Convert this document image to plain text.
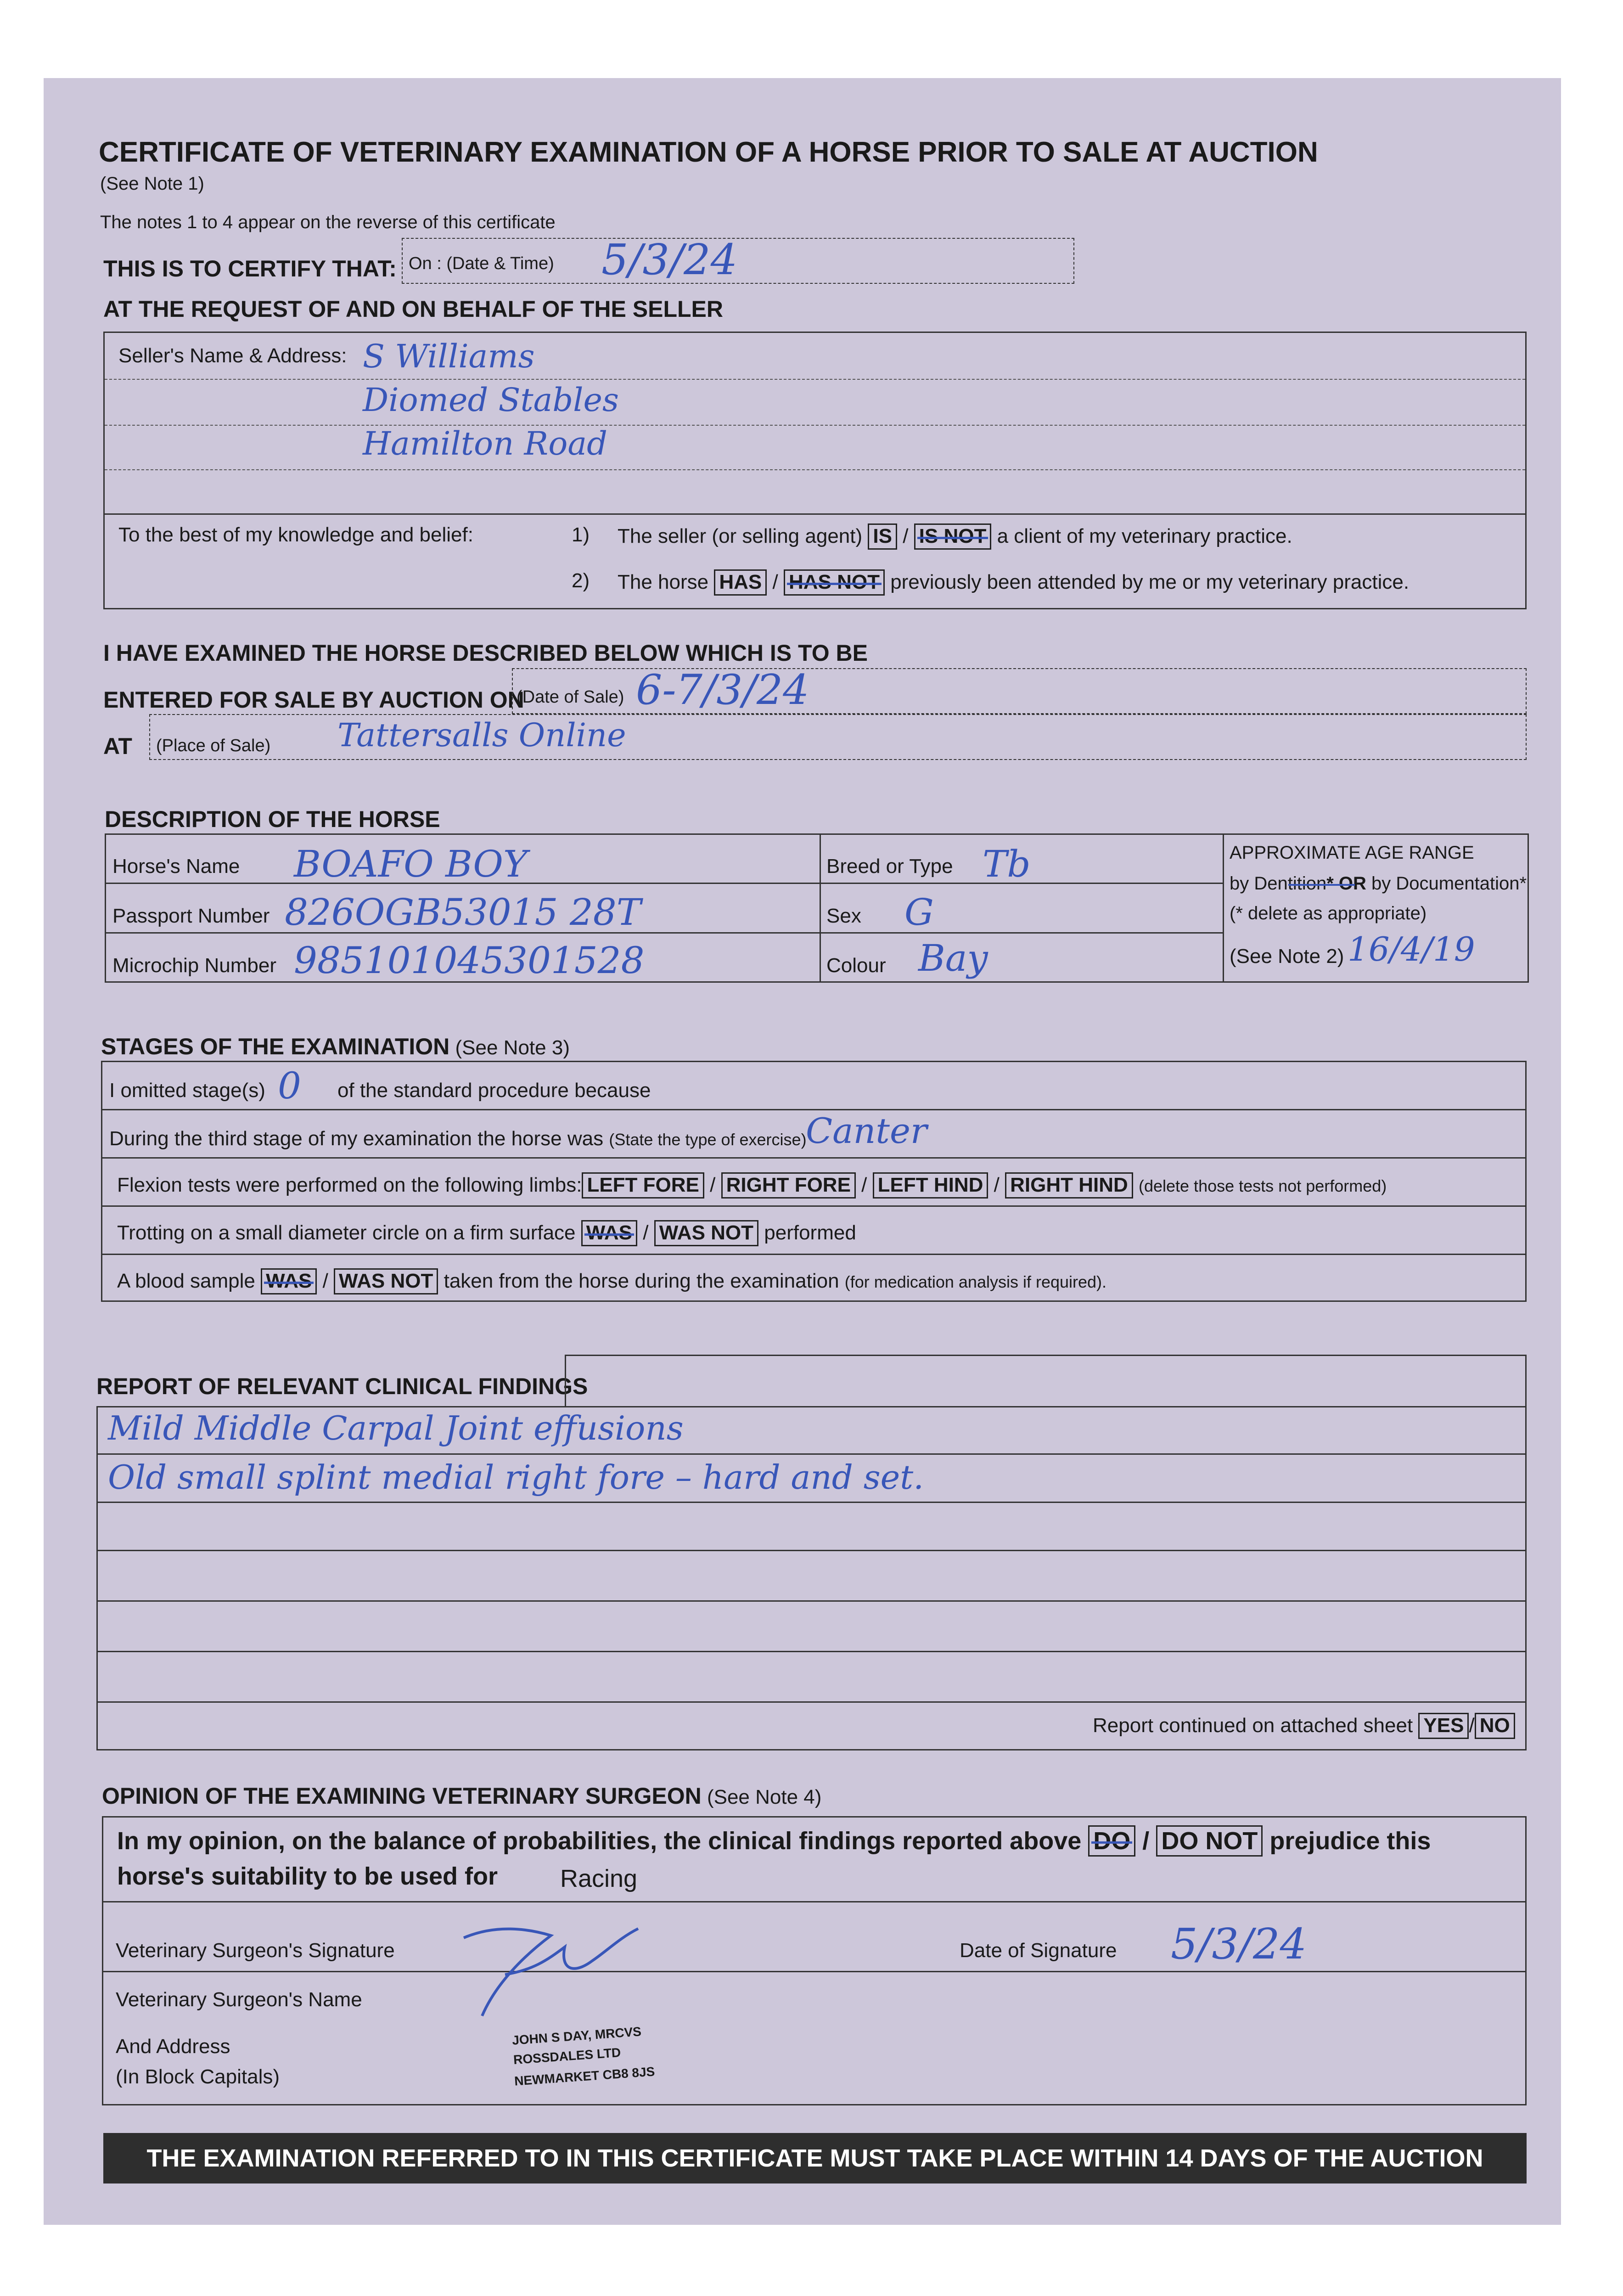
CERTIFICATE OF VETERINARY EXAMINATION OF A HORSE PRIOR TO SALE AT AUCTION
(See Note 1)
The notes 1 to 4 appear on the reverse of this certificate
THIS IS TO CERTIFY THAT: On : (Date & Time) 5/3/24
AT THE REQUEST OF AND ON BEHALF OF THE SELLER
Seller's Name & Address: S Williams
Diomed Stables
Hamilton Road
To the best of my knowledge and belief:	1) The seller (or selling agent) IS / IS NOT a client of my veterinary practice.
2) The horse HAS / HAS NOT previously been attended by me or my veterinary practice.
I HAVE EXAMINED THE HORSE DESCRIBED BELOW WHICH IS TO BE
ENTERED FOR SALE BY AUCTION ON
(Date of Sale) 6-7/3/24
AT (Place of Sale) Tattersalls Online
DESCRIPTION OF THE HORSE
Horse's Name BOAFO BOY
Passport Number 826OGB53015 28T
Microchip Number 985101045301528
Breed or Type Tb
Sex G
Colour Bay
APPROXIMATE AGE RANGE
by Dentition* OR by Documentation*
(* delete as appropriate)
(See Note 2) 16/4/19
STAGES OF THE EXAMINATION (See Note 3)
I omitted stage(s) 0 of the standard procedure because
During the third stage of my examination the horse was (State the type of exercise)
Canter
Flexion tests were performed on the following limbs: LEFT FORE / RIGHT FORE / LEFT HIND / RIGHT HIND (delete those tests not performed)
Trotting on a small diameter circle on a firm surface WAS / WAS NOT performed
A blood sample WAS / WAS NOT taken from the horse during the examination (for medication analysis if required).
REPORT OF RELEVANT CLINICAL FINDINGS
Mild Middle Carpal Joint effusions
Old small splint medial right fore – hard and set.
Report continued on attached sheet YES / NO
OPINION OF THE EXAMINING VETERINARY SURGEON (See Note 4)
In my opinion, on the balance of probabilities, the clinical findings reported above DO / DO NOT prejudice this
horse's suitability to be used for	Racing
Veterinary Surgeon's Signature	Date of Signature 5/3/24
Veterinary Surgeon's Name
And Address
(In Block Capitals)
JOHN S DAY, MRCVS
ROSSDALES LTD
NEWMARKET CB8 8JS
THE EXAMINATION REFERRED TO IN THIS CERTIFICATE MUST TAKE PLACE WITHIN 14 DAYS OF THE AUCTION
